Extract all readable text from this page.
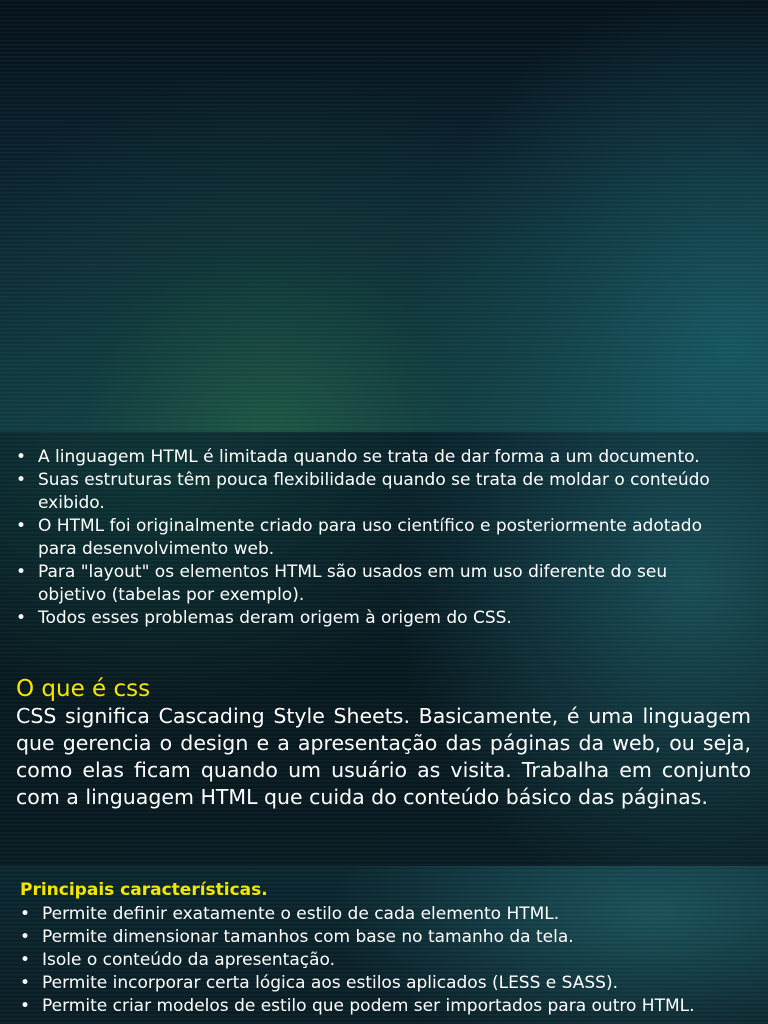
• A linguagem HTML é limitada quando se trata de dar forma a um documento.
• Suas estruturas têm pouca flexibilidade quando se trata de moldar o conteúdo exibido.
• O HTML foi originalmente criado para uso científico e posteriormente adotado para desenvolvimento web.
• Para "layout" os elementos HTML são usados em um uso diferente do seu objetivo (tabelas por exemplo).
• Todos esses problemas deram origem à origem do CSS.
O que é css
CSS significa Cascading Style Sheets. Basicamente, é uma linguagem que gerencia o design e a apresentação das páginas da web, ou seja, como elas ficam quando um usuário as visita. Trabalha em conjunto com a linguagem HTML que cuida do conteúdo básico das páginas.
Principais características.
• Permite definir exatamente o estilo de cada elemento HTML.
• Permite dimensionar tamanhos com base no tamanho da tela.
• Isole o conteúdo da apresentação.
• Permite incorporar certa lógica aos estilos aplicados (LESS e SASS).
• Permite criar modelos de estilo que podem ser importados para outro HTML.
